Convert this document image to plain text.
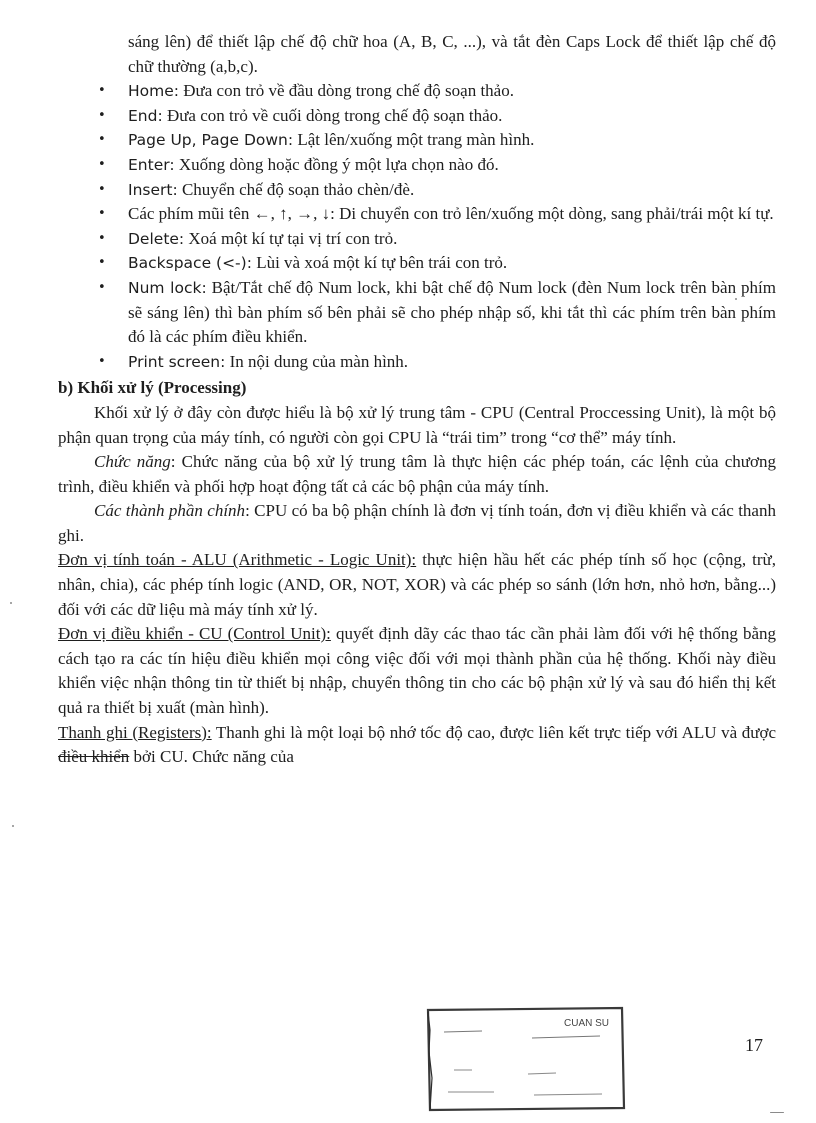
sáng lên) để thiết lập chế độ chữ hoa (A, B, C, ...), và tắt đèn Caps Lock để thiết lập chế độ chữ thường (a,b,c).

• Home: Đưa con trỏ về đầu dòng trong chế độ soạn thảo.
• End: Đưa con trỏ về cuối dòng trong chế độ soạn thảo.
• Page Up, Page Down: Lật lên/xuống một trang màn hình.
• Enter: Xuống dòng hoặc đồng ý một lựa chọn nào đó.
• Insert: Chuyển chế độ soạn thảo chèn/đè.
• Các phím mũi tên ←, ↑, →, ↓: Di chuyển con trỏ lên/xuống một dòng, sang phải/trái một kí tự.
• Delete: Xoá một kí tự tại vị trí con trỏ.
• Backspace (<-): Lùi và xoá một kí tự bên trái con trỏ.
• Num lock: Bật/Tắt chế độ Num lock, khi bật chế độ Num lock (đèn Num lock trên bàn phím sẽ sáng lên) thì bàn phím số bên phải sẽ cho phép nhập số, khi tắt thì các phím trên bàn phím đó là các phím điều khiển.
• Print screen: In nội dung của màn hình.

b) Khối xử lý (Processing)

Khối xử lý ở đây còn được hiểu là bộ xử lý trung tâm - CPU (Central Proccessing Unit), là một bộ phận quan trọng của máy tính, có người còn gọi CPU là “trái tim” trong “cơ thể” máy tính.

Chức năng: Chức năng của bộ xử lý trung tâm là thực hiện các phép toán, các lệnh của chương trình, điều khiển và phối hợp hoạt động tất cả các bộ phận của máy tính.

Các thành phần chính: CPU có ba bộ phận chính là đơn vị tính toán, đơn vị điều khiển và các thanh ghi.

Đơn vị tính toán - ALU (Arithmetic - Logic Unit): thực hiện hầu hết các phép tính số học (cộng, trừ, nhân, chia), các phép tính logic (AND, OR, NOT, XOR) và các phép so sánh (lớn hơn, nhỏ hơn, bằng...) đối với các dữ liệu mà máy tính xử lý.

Đơn vị điều khiển - CU (Control Unit): quyết định dãy các thao tác cần phải làm đối với hệ thống bằng cách tạo ra các tín hiệu điều khiển mọi công việc đối với mọi thành phần của hệ thống. Khối này điều khiển việc nhận thông tin từ thiết bị nhập, chuyển thông tin cho các bộ phận xử lý và sau đó hiển thị kết quả ra thiết bị xuất (màn hình).

Thanh ghi (Registers): Thanh ghi là một loại bộ nhớ tốc độ cao, được liên kết trực tiếp với ALU và được điều khiển bởi CU. Chức năng của

17
CUAN SU
